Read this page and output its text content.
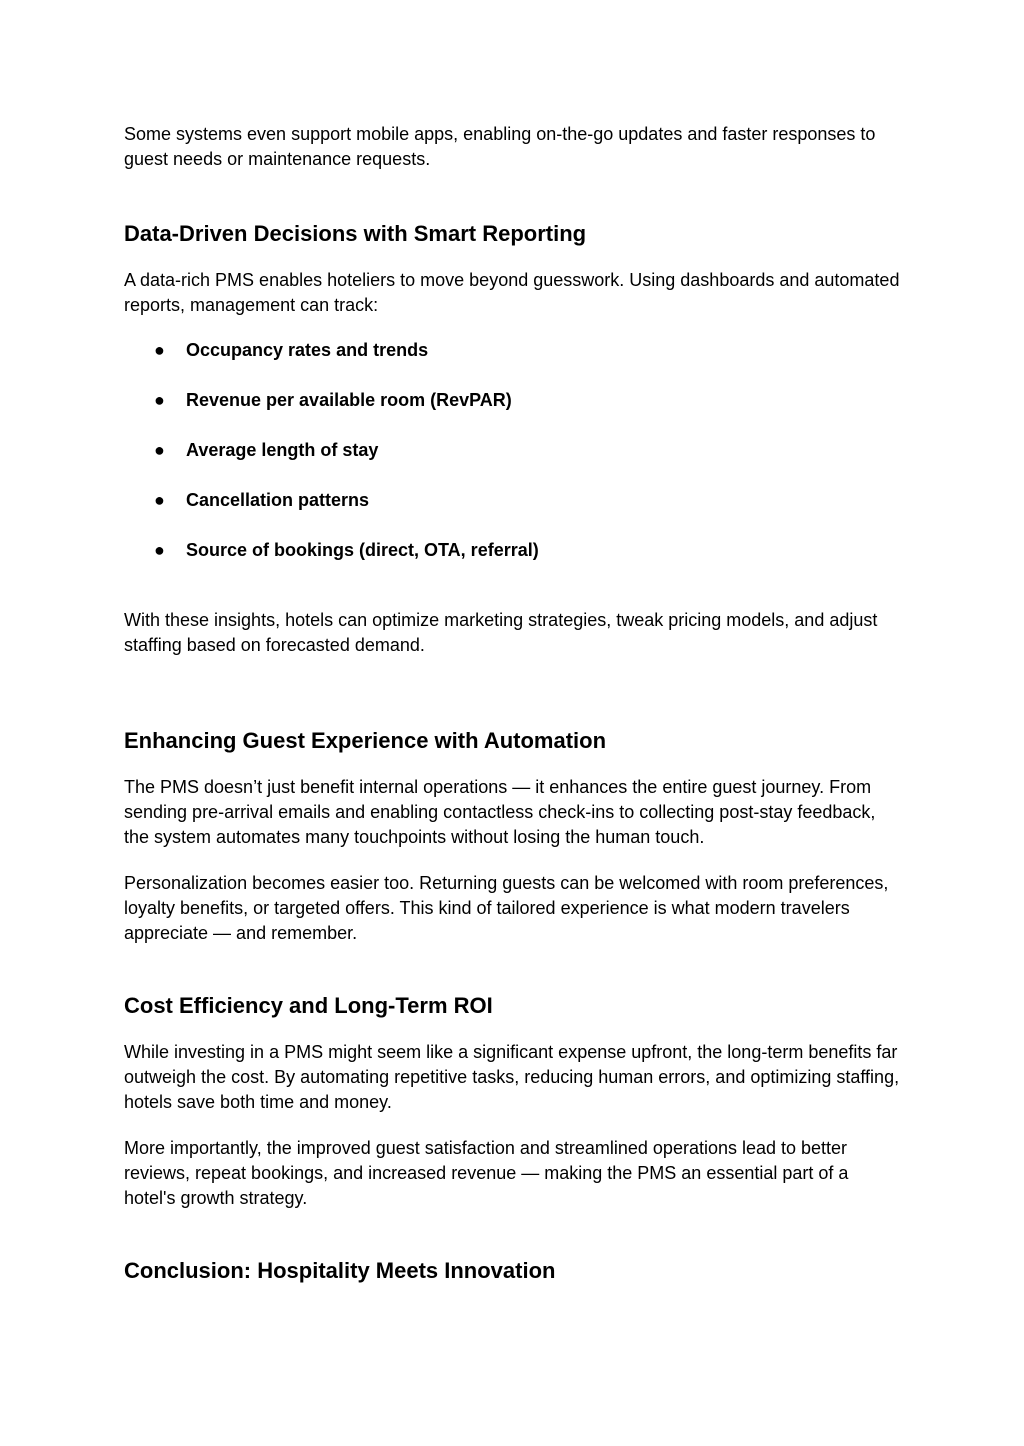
Some systems even support mobile apps, enabling on-the-go updates and faster responses to guest needs or maintenance requests.

Data-Driven Decisions with Smart Reporting

A data-rich PMS enables hoteliers to move beyond guesswork. Using dashboards and automated reports, management can track:

● Occupancy rates and trends
● Revenue per available room (RevPAR)
● Average length of stay
● Cancellation patterns
● Source of bookings (direct, OTA, referral)

With these insights, hotels can optimize marketing strategies, tweak pricing models, and adjust staffing based on forecasted demand.

Enhancing Guest Experience with Automation

The PMS doesn’t just benefit internal operations — it enhances the entire guest journey. From sending pre-arrival emails and enabling contactless check-ins to collecting post-stay feedback, the system automates many touchpoints without losing the human touch.

Personalization becomes easier too. Returning guests can be welcomed with room preferences, loyalty benefits, or targeted offers. This kind of tailored experience is what modern travelers appreciate — and remember.

Cost Efficiency and Long-Term ROI

While investing in a PMS might seem like a significant expense upfront, the long-term benefits far outweigh the cost. By automating repetitive tasks, reducing human errors, and optimizing staffing, hotels save both time and money.

More importantly, the improved guest satisfaction and streamlined operations lead to better reviews, repeat bookings, and increased revenue — making the PMS an essential part of a hotel's growth strategy.

Conclusion: Hospitality Meets Innovation
